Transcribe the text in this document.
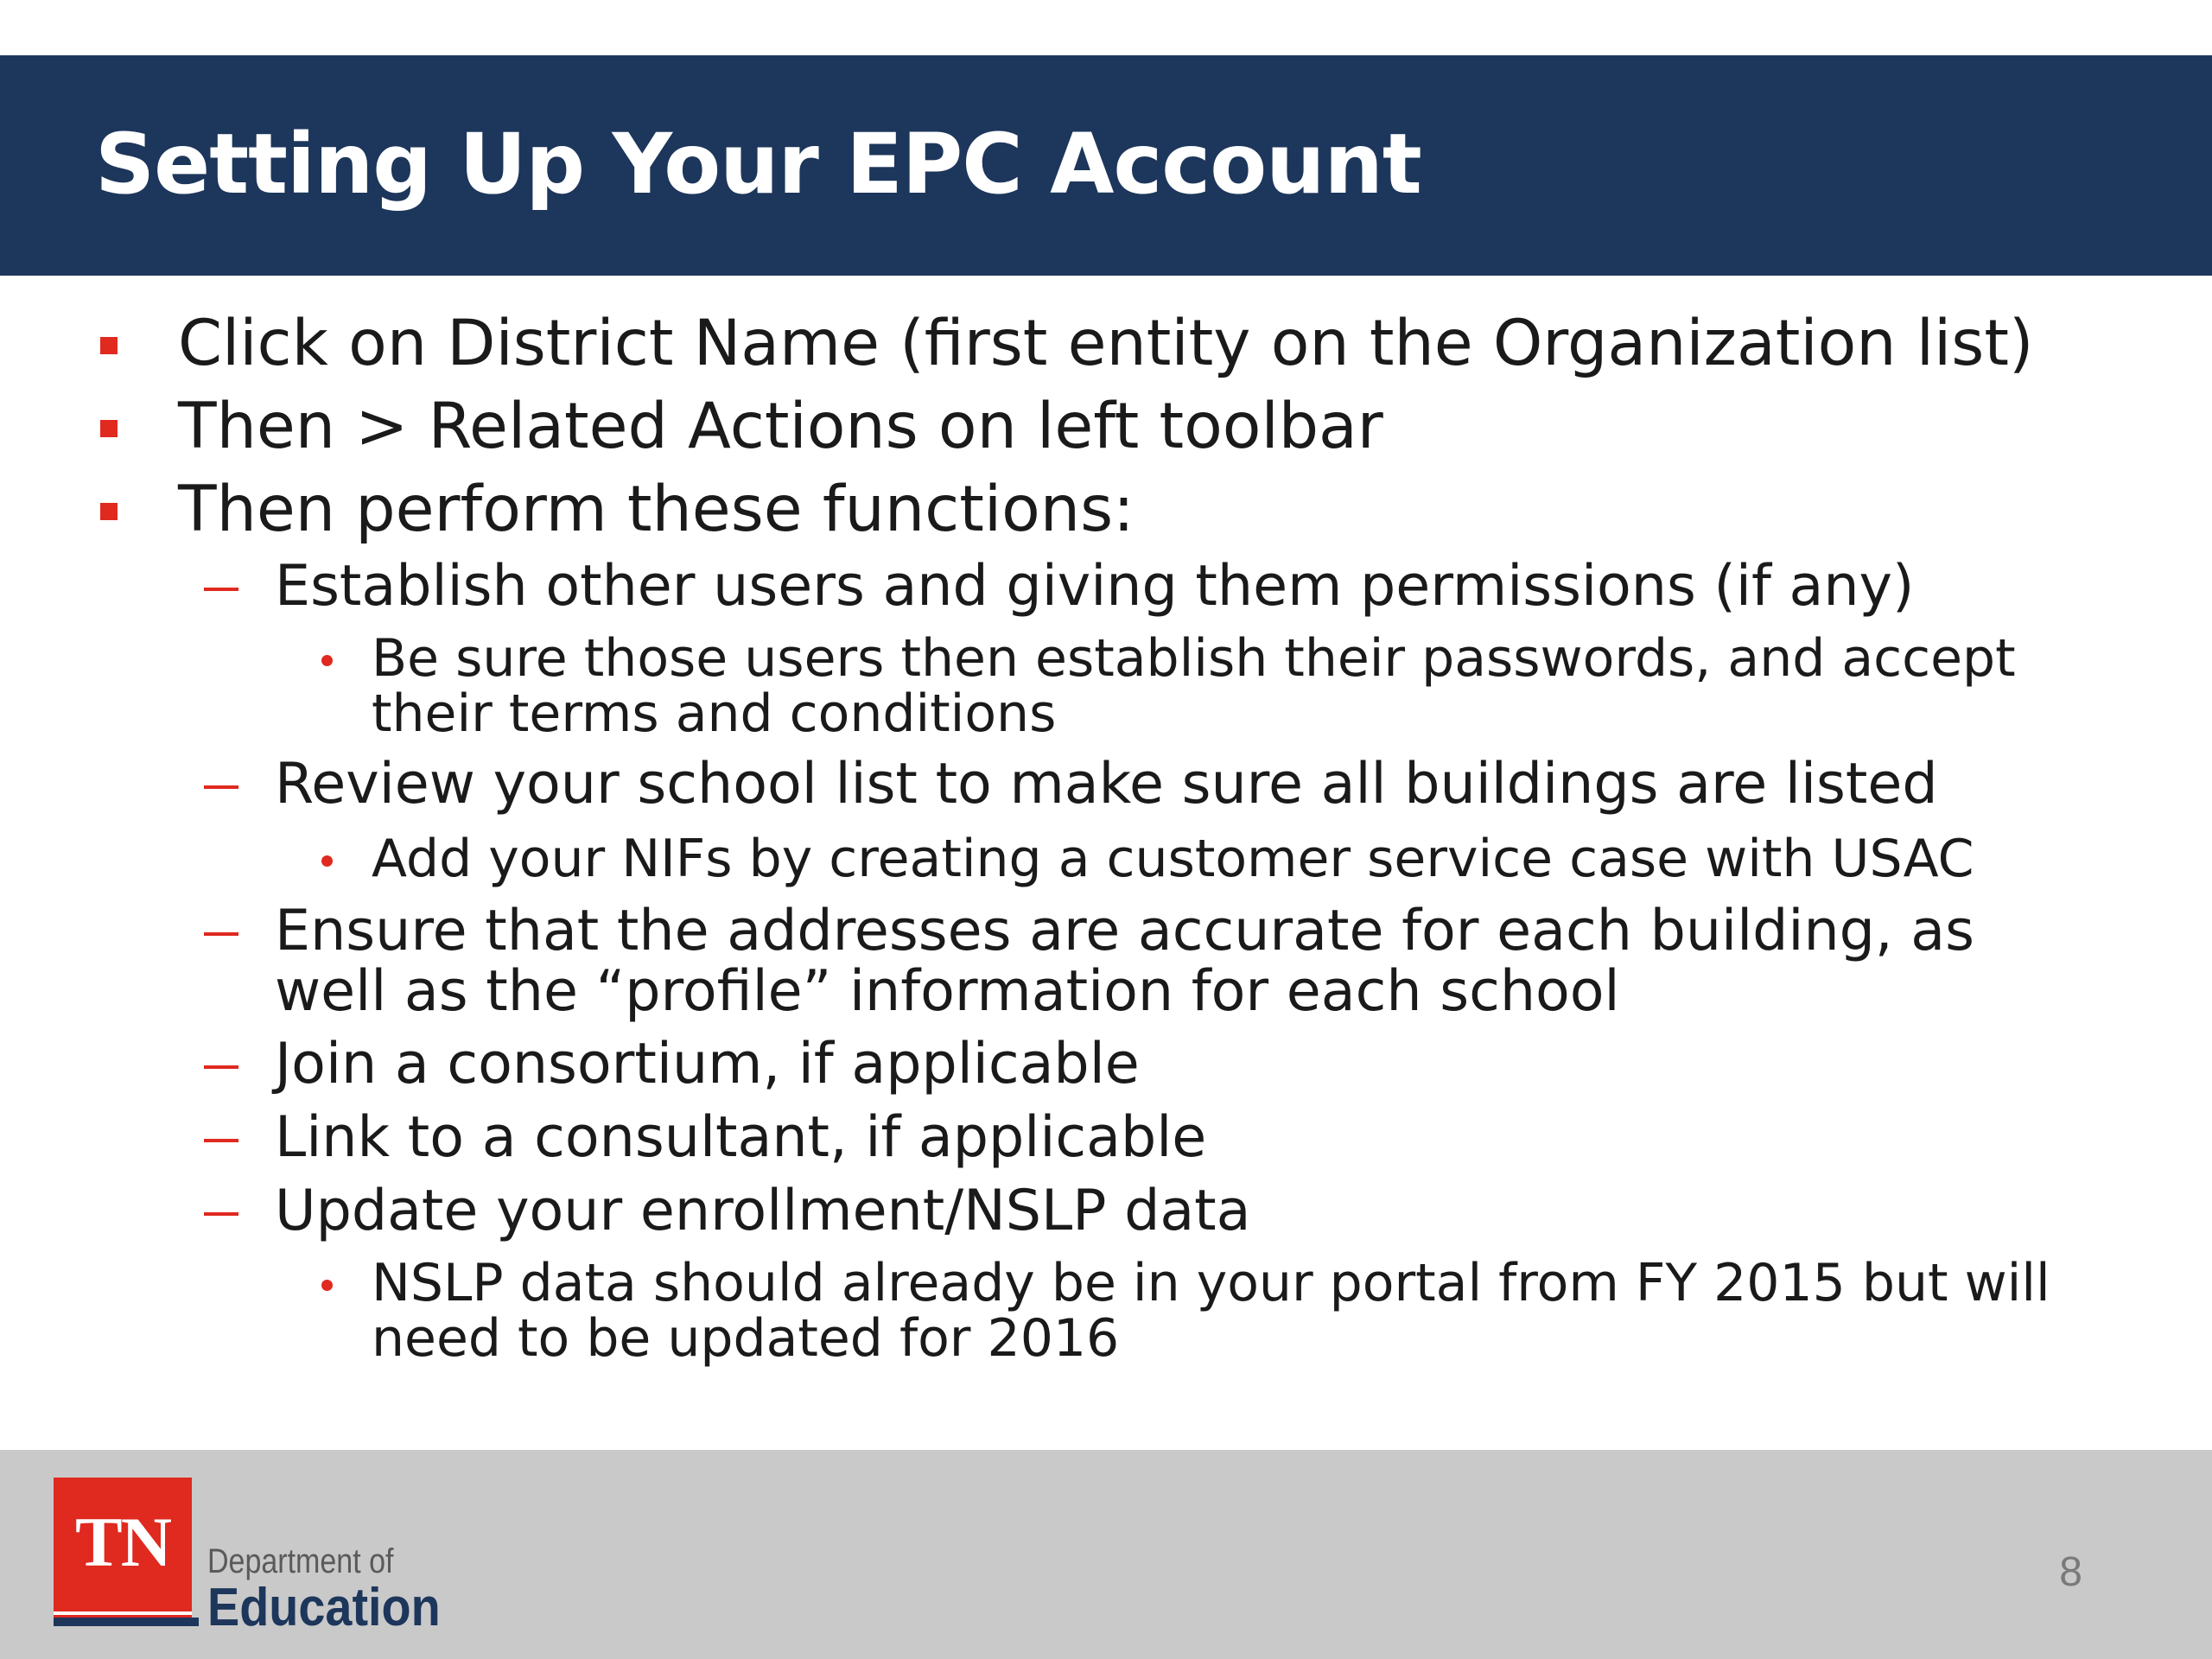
Setting Up Your EPC Account
Click on District Name (first entity on the Organization list)
Then > Related Actions on left toolbar
Then perform these functions:
Establish other users and giving them permissions (if any)
Be sure those users then establish their passwords, and accept their terms and conditions
Review your school list to make sure all buildings are listed
Add your NIFs by creating a customer service case with USAC
Ensure that the addresses are accurate for each building, as well as the “profile” information for each school
Join a consortium, if applicable
Link to a consultant, if applicable
Update your enrollment/NSLP data
NSLP data should already be in your portal from FY 2015 but will need to be updated for 2016
TN	Department of
Education
8
